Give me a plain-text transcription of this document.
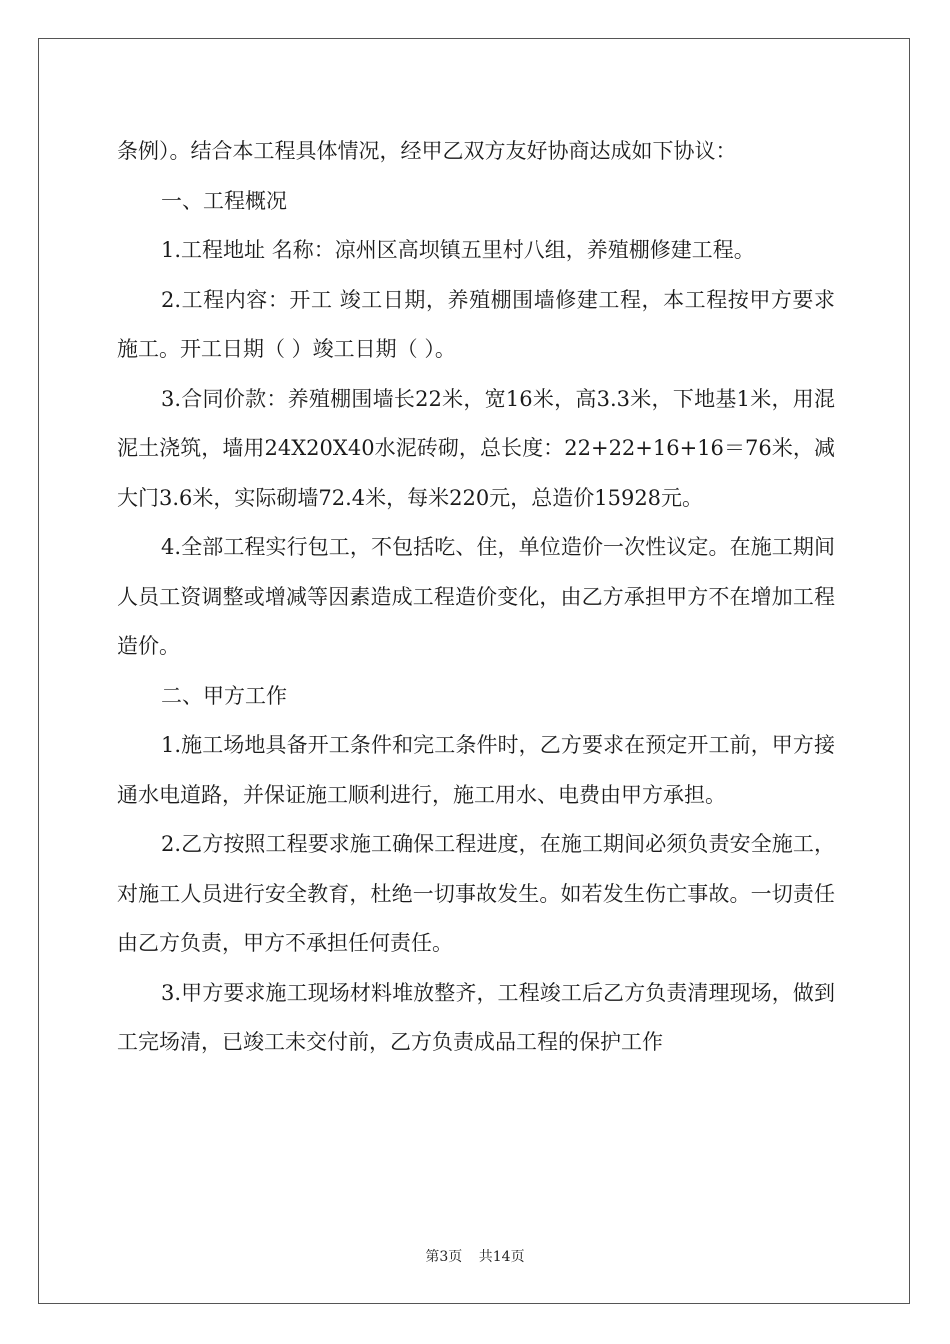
条例）。结合本工程具体情况，经甲乙双方友好协商达成如下协议：

一、工程概况

1.工程地址 名称：凉州区高坝镇五里村八组，养殖棚修建工程。

2.工程内容：开工 竣工日期，养殖棚围墙修建工程，本工程按甲方要求施工。开工日期（ ）竣工日期（ ）。

3.合同价款：养殖棚围墙长22米，宽16米，高3.3米，下地基1米，用混泥土浇筑，墙用24X20X40水泥砖砌，总长度：22+22+16+16＝76米，减大门3.6米，实际砌墙72.4米，每米220元，总造价15928元。

4.全部工程实行包工，不包括吃、住，单位造价一次性议定。在施工期间人员工资调整或增减等因素造成工程造价变化，由乙方承担甲方不在增加工程造价。

二、甲方工作

1.施工场地具备开工条件和完工条件时，乙方要求在预定开工前，甲方接通水电道路，并保证施工顺利进行，施工用水、电费由甲方承担。

2.乙方按照工程要求施工确保工程进度，在施工期间必须负责安全施工，对施工人员进行安全教育，杜绝一切事故发生。如若发生伤亡事故。一切责任由乙方负责，甲方不承担任何责任。

3.甲方要求施工现场材料堆放整齐，工程竣工后乙方负责清理现场，做到工完场清，已竣工未交付前，乙方负责成品工程的保护工作

第3页 共14页
